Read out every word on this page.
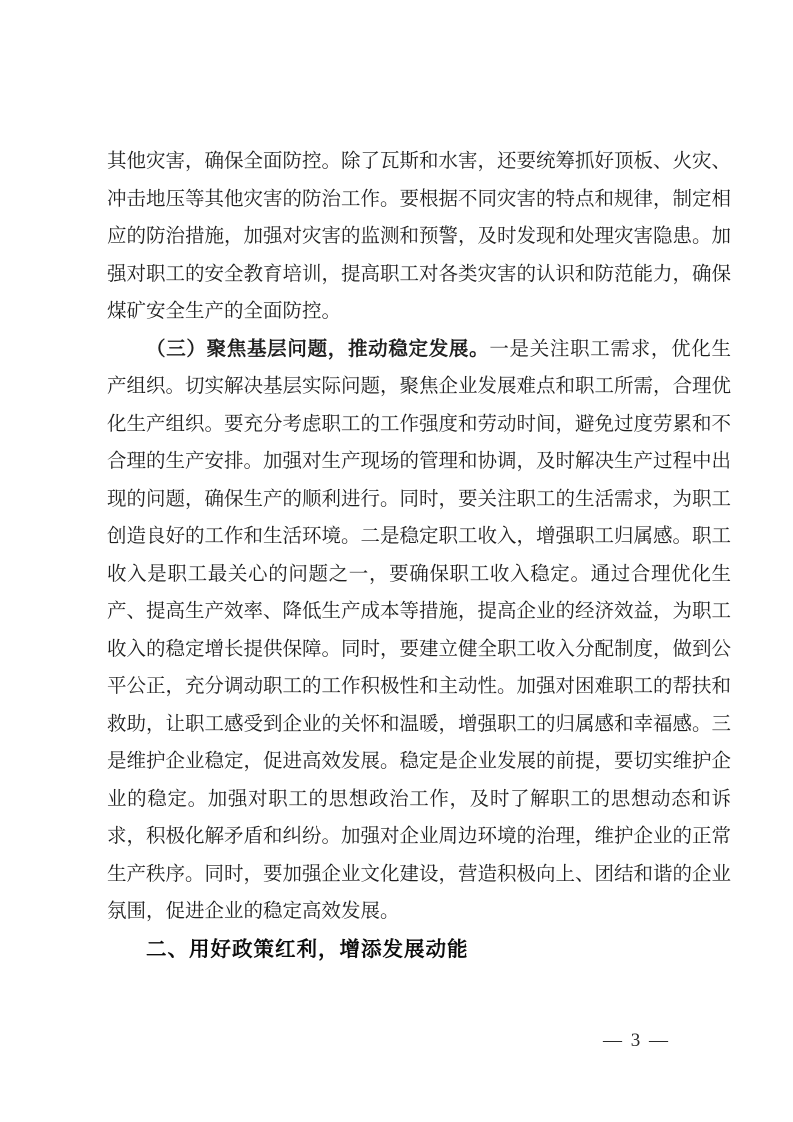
其他灾害，确保全面防控。除了瓦斯和水害，还要统筹抓好顶板、火灾、冲击地压等其他灾害的防治工作。要根据不同灾害的特点和规律，制定相应的防治措施，加强对灾害的监测和预警，及时发现和处理灾害隐患。加强对职工的安全教育培训，提高职工对各类灾害的认识和防范能力，确保煤矿安全生产的全面防控。

（三）聚焦基层问题，推动稳定发展。一是关注职工需求，优化生产组织。切实解决基层实际问题，聚焦企业发展难点和职工所需，合理优化生产组织。要充分考虑职工的工作强度和劳动时间，避免过度劳累和不合理的生产安排。加强对生产现场的管理和协调，及时解决生产过程中出现的问题，确保生产的顺利进行。同时，要关注职工的生活需求，为职工创造良好的工作和生活环境。二是稳定职工收入，增强职工归属感。职工收入是职工最关心的问题之一，要确保职工收入稳定。通过合理优化生产、提高生产效率、降低生产成本等措施，提高企业的经济效益，为职工收入的稳定增长提供保障。同时，要建立健全职工收入分配制度，做到公平公正，充分调动职工的工作积极性和主动性。加强对困难职工的帮扶和救助，让职工感受到企业的关怀和温暖，增强职工的归属感和幸福感。三是维护企业稳定，促进高效发展。稳定是企业发展的前提，要切实维护企业的稳定。加强对职工的思想政治工作，及时了解职工的思想动态和诉求，积极化解矛盾和纠纷。加强对企业周边环境的治理，维护企业的正常生产秩序。同时，要加强企业文化建设，营造积极向上、团结和谐的企业氛围，促进企业的稳定高效发展。

二、用好政策红利，增添发展动能

— 3 —
